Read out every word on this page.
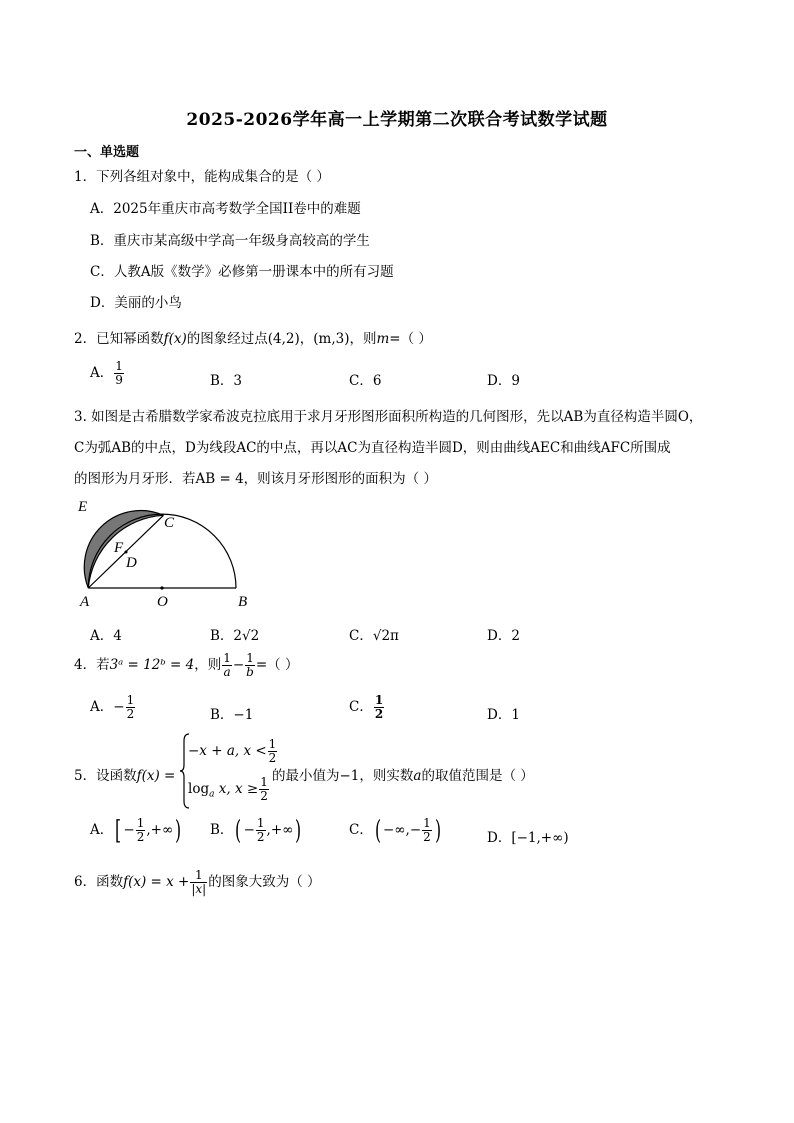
2025-2026学年高一上学期第二次联合考试数学试题
一、单选题
1．下列各组对象中，能构成集合的是（ ）
A．2025年重庆市高考数学全国II卷中的难题
B．重庆市某高级中学高一年级身高较高的学生
C．人教A版《数学》必修第一册课本中的所有习题
D．美丽的小鸟
2．已知幂函数f(x)的图象经过点(4,2)，(m,3)，则m=（ ）
A． $\frac{1}{9}$	B．3	C．6	D．9
3. 如图是古希腊数学家希波克拉底用于求月牙形图形面积所构造的几何图形，先以AB为直径构造半圆O，
C为弧AB的中点，D为线段AC的中点，再以AC为直径构造半圆D，则由曲线AEC和曲线AFC所围成
的图形为月牙形．若AB = 4，则该月牙形图形的面积为（ ）
E
C
F
D
A	O	B
A．4	B．2√2	C．√2π	D．2
4．若3ᵃ = 12ᵇ = 4，则 $\frac{1}{a} - \frac{1}{b}$ =（ ）
A．− $\frac{1}{2}$	B．−1	C． $\frac{1}{2}$	D．1
5．设函数f(x) =
−x + a, $x < \frac{1}{2}$
$\log_a x$, $x \ge \frac{1}{2}$ 的最小值为−1，则实数a的取值范围是（ ）
A．[ − $\frac{1}{2}$ ,+∞) B．( − $\frac{1}{2}$ ,+∞)	C．( −∞,− $\frac{1}{2}$ )	D．[−1,+∞)
6．函数$f(x) = x + \frac{1}{|x|}$ 的图象大致为（ ）
